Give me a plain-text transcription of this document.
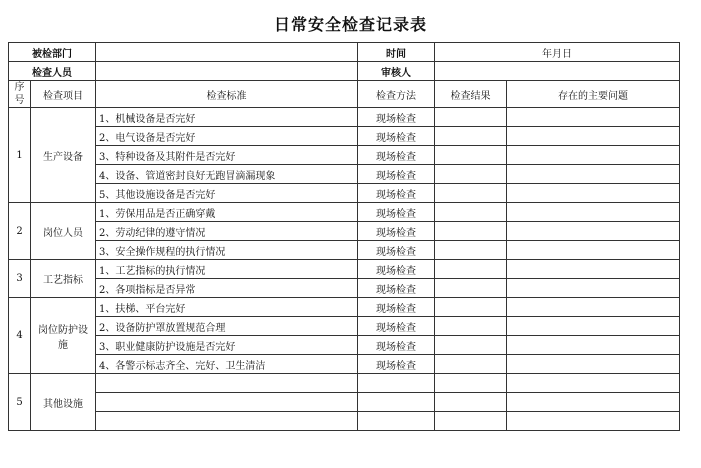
日常安全检查记录表
被检部门			时间	年月日	
检查人员			审核人		
序号	检查项目	检查标准	检查方法	检查结果	存在的主要问题
1	生产设备	1、机械设备是否完好	现场检查		
		2、电气设备是否完好	现场检查		
		3、特种设备及其附件是否完好	现场检查		
		4、设备、管道密封良好无跑冒滴漏现象	现场检查		
		5、其他设施设备是否完好	现场检查		
2	岗位人员	1、劳保用品是否正确穿戴	现场检查		
		2、劳动纪律的遵守情况	现场检查		
		3、安全操作规程的执行情况	现场检查		
3	工艺指标	1、工艺指标的执行情况	现场检查		
		2、各项指标是否异常	现场检查		
4	岗位防护设施	1、扶梯、平台完好	现场检查		
		2、设备防护罩放置规范合理	现场检查		
		3、职业健康防护设施是否完好	现场检查		
		4、各警示标志齐全、完好、卫生清洁	现场检查		
5	其他设施				
